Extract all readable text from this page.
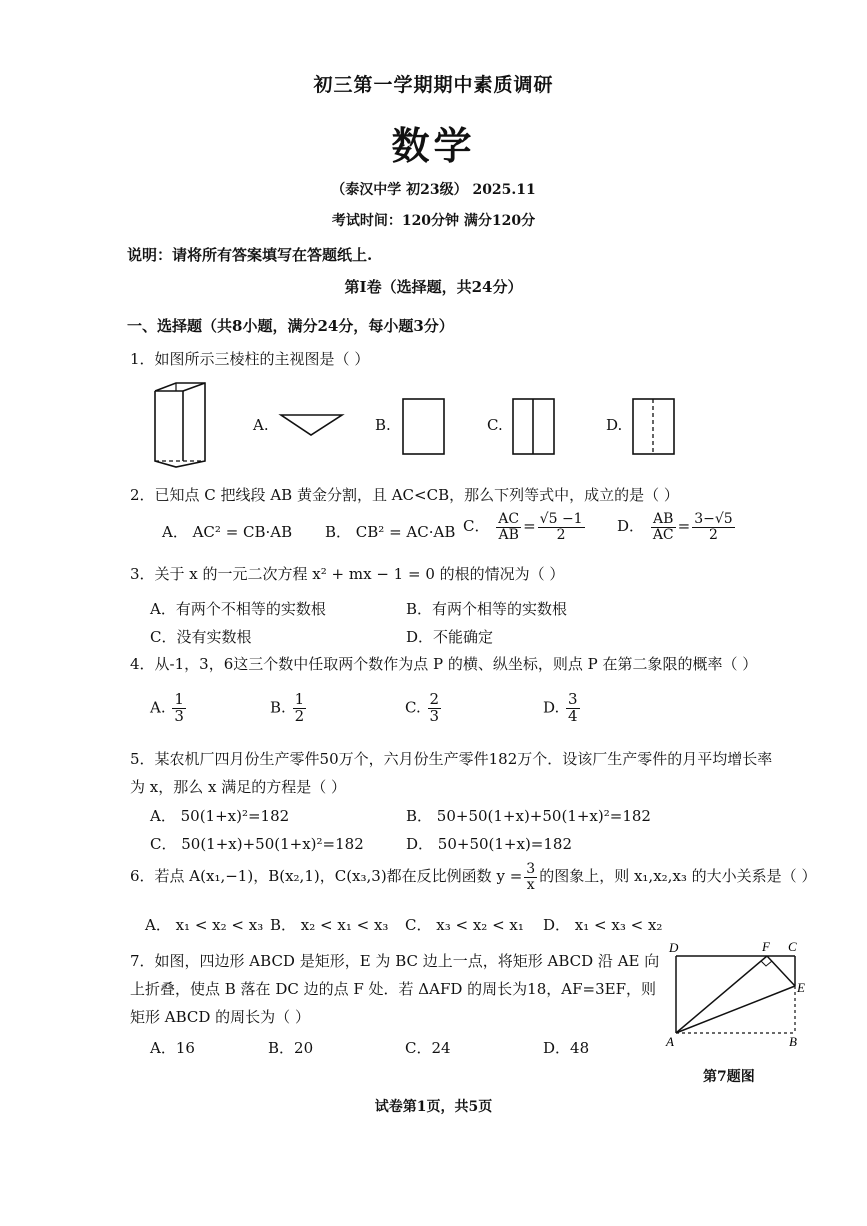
初三第一学期期中素质调研
数学
（泰汉中学 初23级） 2025.11
考试时间：120分钟 满分120分
说明：请将所有答案填写在答题纸上.
第Ⅰ卷（选择题，共24分）
一、选择题（共8小题，满分24分，每小题3分）
1．如图所示三棱柱的主视图是（ ）
A.	B.	C.	D.
2．已知点 C 把线段 AB 黄金分割，且 AC<CB，那么下列等式中，成立的是（ ）
A． AC² = CB·AB B． CB² = AC·AB C． $\frac{AC}{AB} = \frac{√5 -1}{2}$ D． $\frac{AB}{AC} = \frac{3-√5}{2}$
3．关于 x 的一元二次方程 x² + mx − 1 = 0 的根的情况为（ ）
A．有两个不相等的实数根	B．有两个相等的实数根
C．没有实数根	D．不能确定
4．从-1，3，6这三个数中任取两个数作为点 P 的横、纵坐标，则点 P 在第二象限的概率（ ）
A. $\frac{1}{3}$	B. $\frac{1}{2}$	C. $\frac{2}{3}$	D. $\frac{3}{4}$
5．某农机厂四月份生产零件50万个，六月份生产零件182万个．设该厂生产零件的月平均增长率
为 x，那么 x 满足的方程是（ ）
A． 50(1+x)²=182	B． 50+50(1+x)+50(1+x)²=182
C． 50(1+x)+50(1+x)²=182	D． 50+50(1+x)=182
6．若点 A(x₁,−1)，B(x₂,1)，C(x₃,3)都在反比例函数 $y = \frac{3}{x}$ 的图象上，则 x₁,x₂,x₃ 的大小关系是（ ）
A． x₁ < x₂ < x₃ B． x₂ < x₁ < x₃ C． x₃ < x₂ < x₁ D． x₁ < x₃ < x₂
7．如图，四边形 ABCD 是矩形，E 为 BC 边上一点，将矩形 ABCD 沿 AE 向
上折叠，使点 B 落在 DC 边的点 F 处．若 ΔAFD 的周长为18，AF=3EF，则
矩形 ABCD 的周长为（ ）
A．16	B．20	C．24	D．48
D	F C
E
A	B
第7题图
试卷第1页，共5页
